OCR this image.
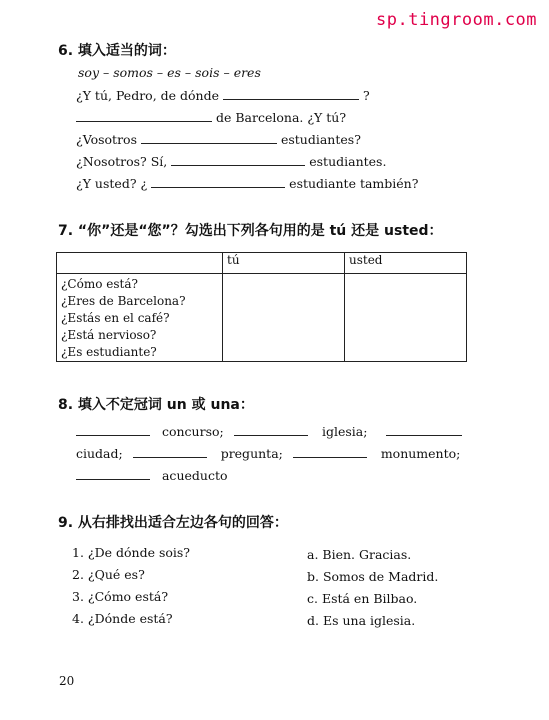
sp.tingroom.com
6. 填入适当的词：
soy – somos – es – sois – eres
¿Y tú, Pedro, de dónde	?
de Barcelona. ¿Y tú?
¿Vosotros	estudiantes?
¿Nosotros? Sí,	estudiantes.
¿Y usted? ¿	estudiante también?
7. “你”还是“您”？勾选出下列各句用的是 tú 还是 usted：
	tú	usted

¿Cómo está?
¿Eres de Barcelona?
¿Estás en el café?
¿Está nervioso?
¿Es estudiante?		

8. 填入不定冠词 un 或 una：
concurso;	iglesia;
ciudad;	pregunta;	monumento;
acueducto
9. 从右排找出适合左边各句的回答：
1. ¿De dónde sois?
2. ¿Qué es?
3. ¿Cómo está?
4. ¿Dónde está?
a. Bien. Gracias.
b. Somos de Madrid.
c. Está en Bilbao.
d. Es una iglesia.
20
